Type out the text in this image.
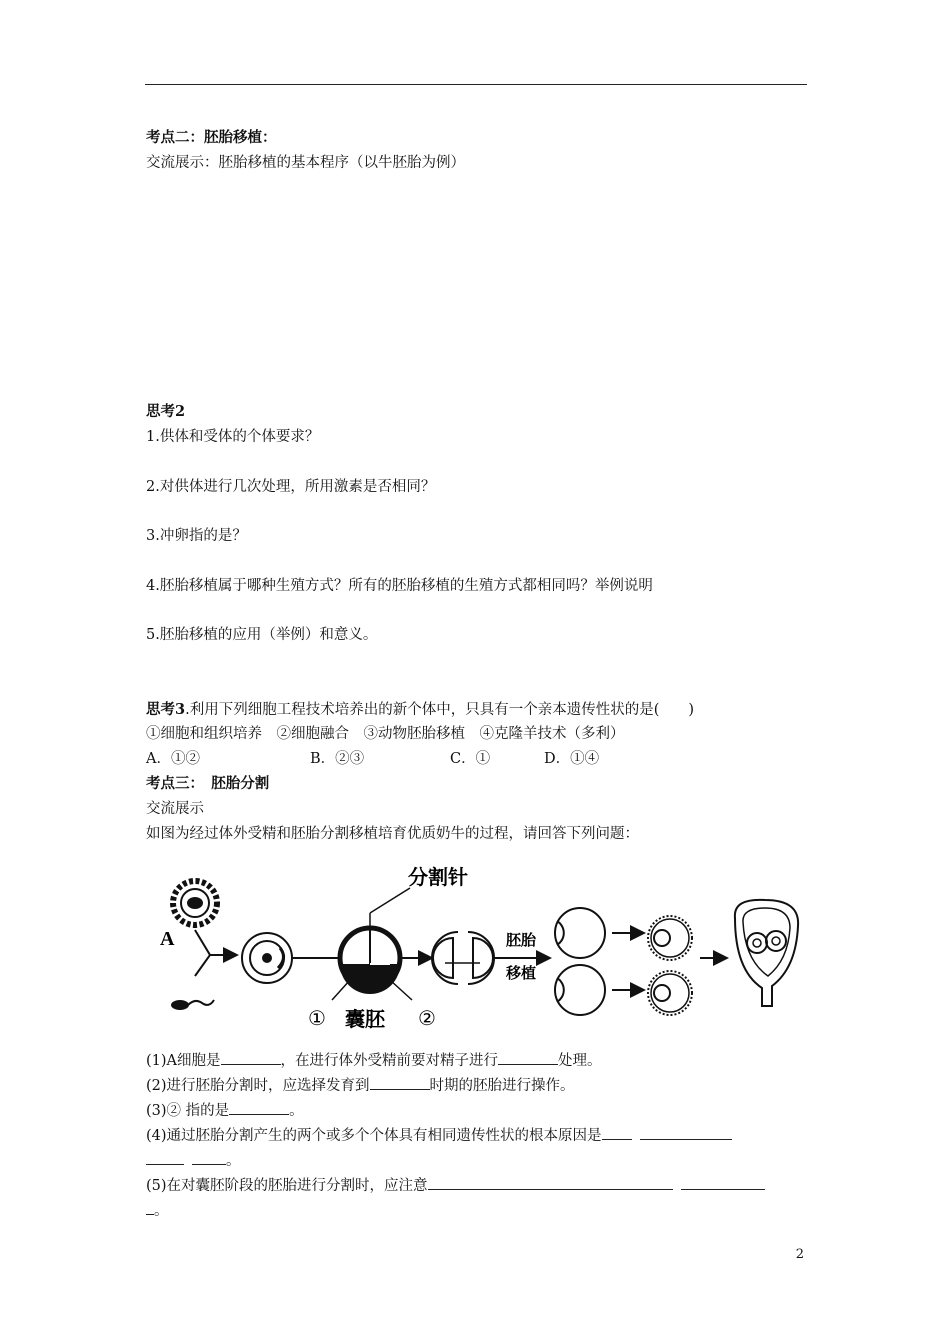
考点二：胚胎移植：
交流展示：胚胎移植的基本程序（以牛胚胎为例）
思考2
1.供体和受体的个体要求？
2.对供体进行几次处理，所用激素是否相同？
3.冲卵指的是？
4.胚胎移植属于哪种生殖方式？所有的胚胎移植的生殖方式都相同吗？举例说明
5.胚胎移植的应用（举例）和意义。
思考3.利用下列细胞工程技术培养出的新个体中，只具有一个亲本遗传性状的是(　　)
①细胞和组织培养　②细胞融合　③动物胚胎移植　④克隆羊技术（多利）
A．①②	B．②③	C．①	D．①④
考点三：　胚胎分割
交流展示
如图为经过体外受精和胚胎分割移植培育优质奶牛的过程，请回答下列问题：
A
分割针
① 囊胚 ②
胚胎
移植
(1)A细胞是	，在进行体外受精前要对精子进行	处理。
(2)进行胚胎分割时，应选择发育到	时期的胚胎进行操作。
(3)② 指的是	。
(4)通过胚胎分割产生的两个或多个个体具有相同遗传性状的根本原因是
。
(5)在对囊胚阶段的胚胎进行分割时，应注意
。
2
